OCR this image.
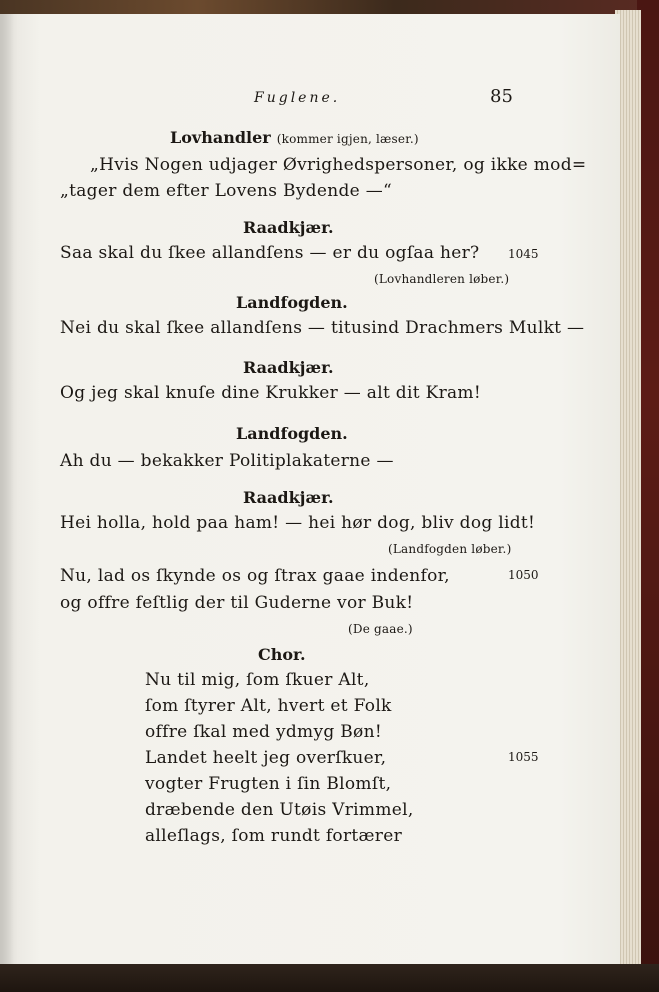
Fuglene.	85
Lovhandler (kommer igjen, læser.)
„Hvis Nogen udjager Øvrighedspersoner, og ikke mod=
„tager dem efter Lovens Bydende —“
Raadkjær.
Saa skal du ſkee allandſens — er du ogſaa her? 1045
(Lovhandleren løber.)
Landfogden.
Nei du skal ſkee allandſens — titusind Drachmers Mulkt —
Raadkjær.
Og jeg skal knuſe dine Krukker — alt dit Kram!
Landfogden.
Ah du — bekakker Politiplakaterne —
Raadkjær.
Hei holla, hold paa ham! — hei hør dog, bliv dog lidt!
(Landfogden løber.)
Nu, lad os ſkynde os og ſtrax gaae indenfor,	1050
og offre feſtlig der til Guderne vor Buk!
(De gaae.)
Chor.
Nu til mig, ſom ſkuer Alt,
ſom ſtyrer Alt, hvert et Folk
offre ſkal med ydmyg Bøn!
Landet heelt jeg overſkuer,	1055
vogter Frugten i ſin Blomſt,
dræbende den Utøis Vrimmel,
alleſlags, ſom rundt fortærer
